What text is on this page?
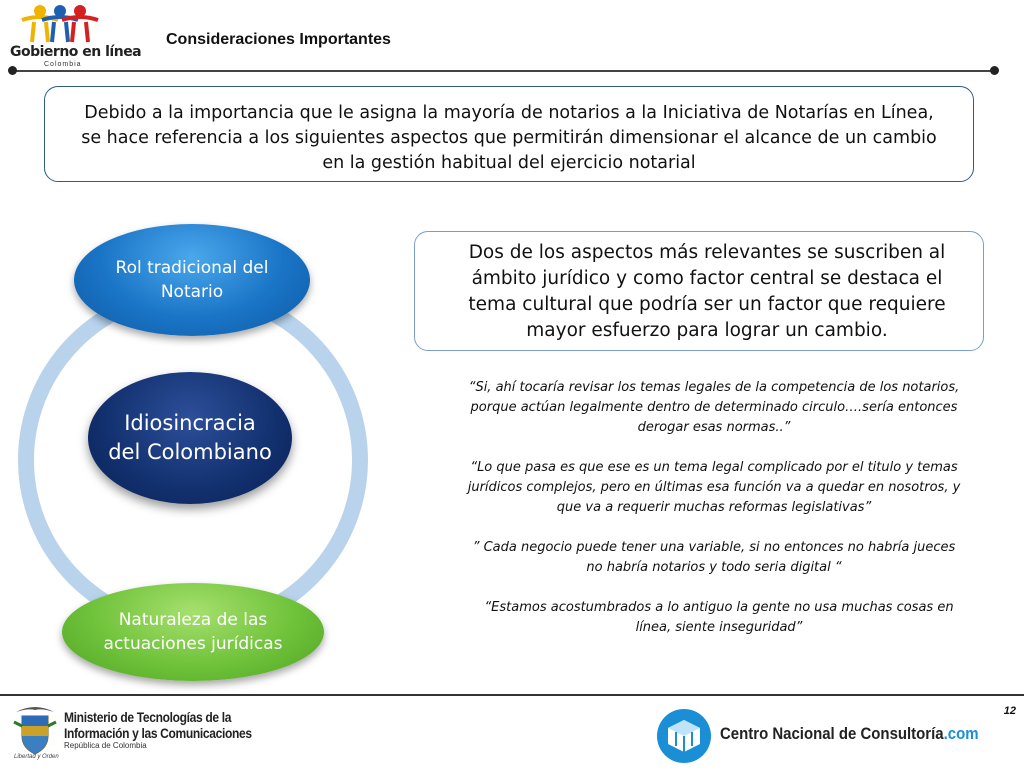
Gobierno en línea
Colombia
Consideraciones Importantes
Debido a la importancia que le asigna la mayoría de notarios a la Iniciativa de Notarías en Línea, se hace referencia a los siguientes aspectos que permitirán dimensionar el alcance de un cambio en la gestión habitual del ejercicio notarial
Rol tradicional del Notario
Idiosincracia del Colombiano
Naturaleza de las actuaciones jurídicas
Dos de los aspectos más relevantes se suscriben al ámbito jurídico y como factor central se destaca el tema cultural que podría ser un factor que requiere mayor esfuerzo para lograr un cambio.

“Si, ahí tocaría revisar los temas legales de la competencia de los notarios, porque actúan legalmente dentro de determinado circulo….sería entonces derogar esas normas..”

“Lo que pasa es que ese es un tema legal complicado por el titulo y temas jurídicos complejos, pero en últimas esa función va a quedar en nosotros, y que va a requerir muchas reformas legislativas”

” Cada negocio puede tener una variable, si no entonces no habría jueces no habría notarios y todo seria digital “

“Estamos acostumbrados a lo antiguo la gente no usa muchas cosas en línea, siente inseguridad”

12
Ministerio de Tecnologías de la
Información y las Comunicaciones
República de Colombia
Libertad y Orden
Centro Nacional de Consultoría.com
